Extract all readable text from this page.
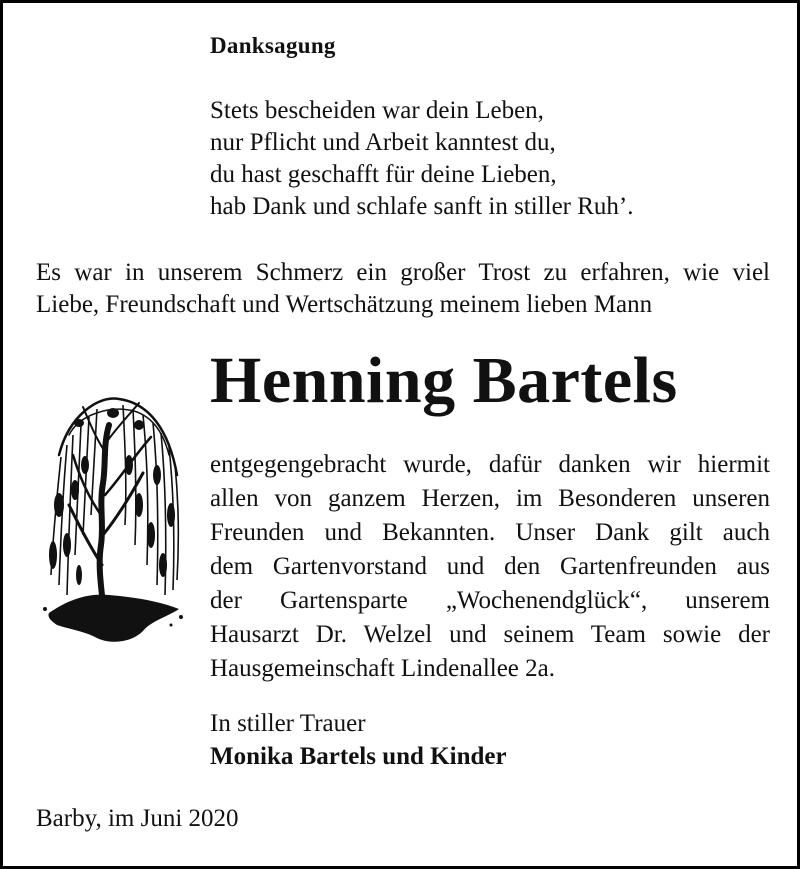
Danksagung
Stets bescheiden war dein Leben,
nur Pflicht und Arbeit kanntest du,
du hast geschafft für deine Lieben,
hab Dank und schlafe sanft in stiller Ruh’.
Es war in unserem Schmerz ein großer Trost zu erfahren, wie viel
Liebe, Freundschaft und Wertschätzung meinem lieben Mann
Henning Bartels
entgegengebracht wurde, dafür danken wir hiermit
allen von ganzem Herzen, im Besonderen unseren
Freunden und Bekannten. Unser Dank gilt auch
dem Gartenvorstand und den Gartenfreunden aus
der Gartensparte „Wochenendglück“, unserem
Hausarzt Dr. Welzel und seinem Team sowie der
Hausgemeinschaft Lindenallee 2a.
In stiller Trauer
Monika Bartels und Kinder
Barby, im Juni 2020
